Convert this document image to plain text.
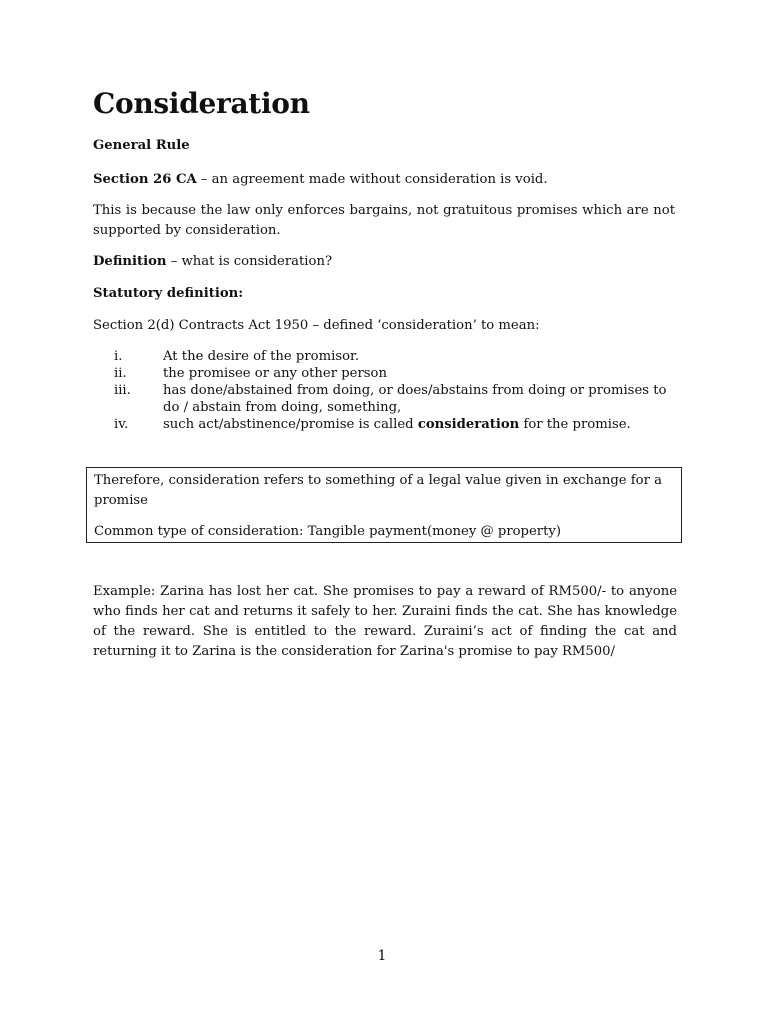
Consideration

General Rule

Section 26 CA – an agreement made without consideration is void.

This is because the law only enforces bargains, not gratuitous promises which are not supported by consideration.

Definition – what is consideration?

Statutory definition:

Section 2(d) Contracts Act 1950 – defined ‘consideration’ to mean:

i.	At the desire of the promisor.
ii.	the promisee or any other person
iii. has done/abstained from doing, or does/abstains from doing or promises to do / abstain from doing, something,
iv.	such act/abstinence/promise is called consideration for the promise.

Therefore, consideration refers to something of a legal value given in exchange for a promise

Common type of consideration: Tangible payment(money @ property)

Example: Zarina has lost her cat. She promises to pay a reward of RM500/- to anyone who finds her cat and returns it safely to her. Zuraini finds the cat. She has knowledge of the reward. She is entitled to the reward. Zuraini’s act of finding the cat and returning it to Zarina is the consideration for Zarina's promise to pay RM500/

1
